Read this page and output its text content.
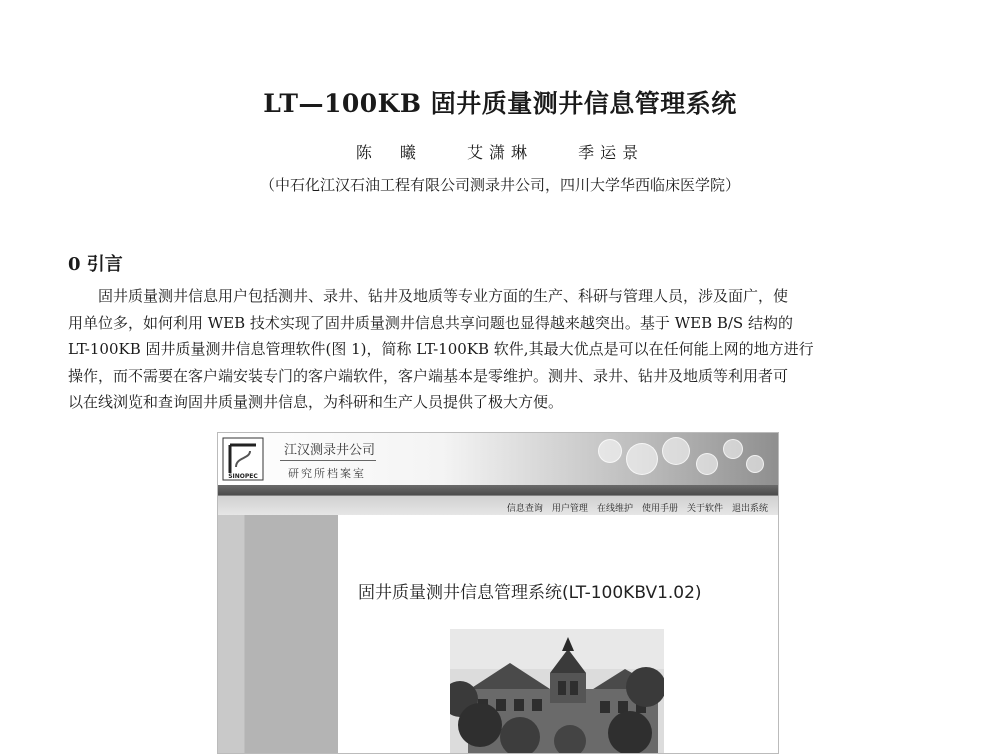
LT—100KB 固井质量测井信息管理系统
陈　曦	艾潇琳	季运景
（中石化江汉石油工程有限公司测录井公司，四川大学华西临床医学院）
0 引言
固井质量测井信息用户包括测井、录井、钻井及地质等专业方面的生产、科研与管理人员，涉及面广，使
用单位多，如何利用 WEB 技术实现了固井质量测井信息共享问题也显得越来越突出。基于 WEB B/S 结构的
LT-100KB 固井质量测井信息管理软件(图 1)，简称 LT-100KB 软件,其最大优点是可以在任何能上网的地方进行
操作，而不需要在客户端安装专门的客户端软件，客户端基本是零维护。测井、录井、钻井及地质等利用者可
以在线浏览和查询固井质量测井信息，为科研和生产人员提供了极大方便。
SINOPEC
江汉测录井公司
研究所档案室
信息查询 用户管理 在线维护 使用手册 关于软件 退出系统
固井质量测井信息管理系统(LT-100KBV1.02)
